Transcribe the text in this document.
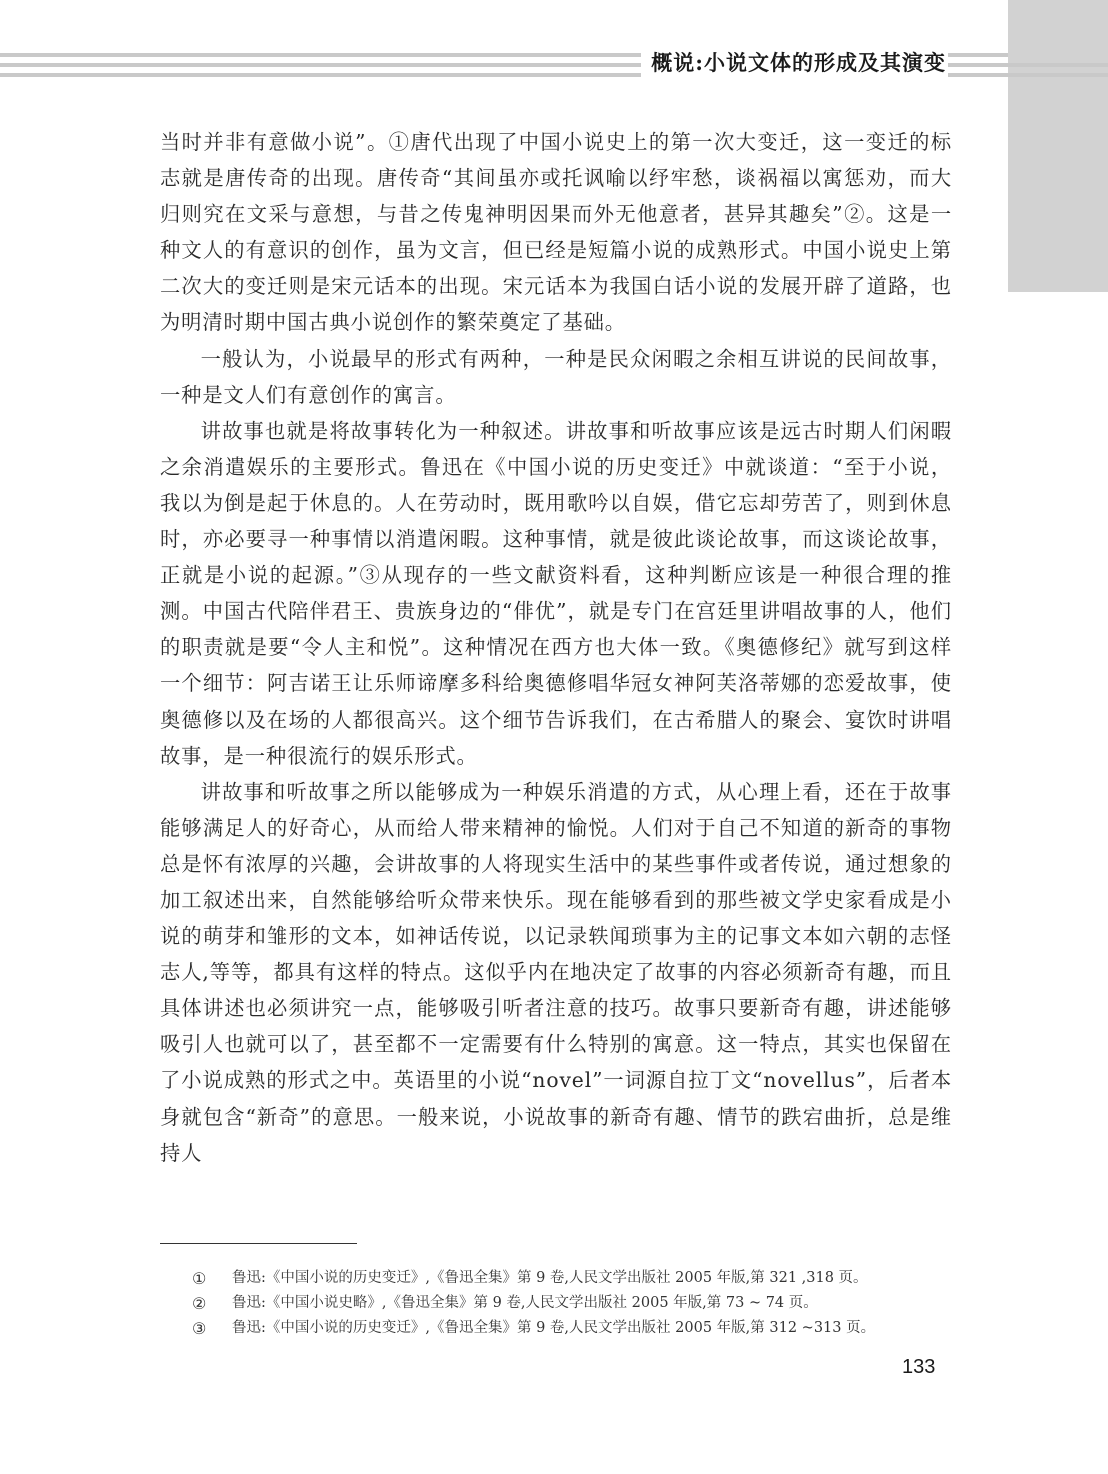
概说:小说文体的形成及其演变

当时并非有意做小说”。①唐代出现了中国小说史上的第一次大变迁，这一变迁的标志就是唐传奇的出现。唐传奇“其间虽亦或托讽喻以纾牢愁，谈祸福以寓惩劝，而大归则究在文采与意想，与昔之传鬼神明因果而外无他意者，甚异其趣矣”②。这是一种文人的有意识的创作，虽为文言，但已经是短篇小说的成熟形式。中国小说史上第二次大的变迁则是宋元话本的出现。宋元话本为我国白话小说的发展开辟了道路，也为明清时期中国古典小说创作的繁荣奠定了基础。

一般认为，小说最早的形式有两种，一种是民众闲暇之余相互讲说的民间故事，一种是文人们有意创作的寓言。

讲故事也就是将故事转化为一种叙述。讲故事和听故事应该是远古时期人们闲暇之余消遣娱乐的主要形式。鲁迅在《中国小说的历史变迁》中就谈道：“至于小说，我以为倒是起于休息的。人在劳动时，既用歌吟以自娱，借它忘却劳苦了，则到休息时，亦必要寻一种事情以消遣闲暇。这种事情，就是彼此谈论故事，而这谈论故事，正就是小说的起源。”③从现存的一些文献资料看，这种判断应该是一种很合理的推测。中国古代陪伴君王、贵族身边的“俳优”，就是专门在宫廷里讲唱故事的人，他们的职责就是要“令人主和悦”。这种情况在西方也大体一致。《奥德修纪》就写到这样一个细节：阿吉诺王让乐师谛摩多科给奥德修唱华冠女神阿芙洛蒂娜的恋爱故事，使奥德修以及在场的人都很高兴。这个细节告诉我们，在古希腊人的聚会、宴饮时讲唱故事，是一种很流行的娱乐形式。

讲故事和听故事之所以能够成为一种娱乐消遣的方式，从心理上看，还在于故事能够满足人的好奇心，从而给人带来精神的愉悦。人们对于自己不知道的新奇的事物总是怀有浓厚的兴趣，会讲故事的人将现实生活中的某些事件或者传说，通过想象的加工叙述出来，自然能够给听众带来快乐。现在能够看到的那些被文学史家看成是小说的萌芽和雏形的文本，如神话传说，以记录轶闻琐事为主的记事文本如六朝的志怪志人,等等，都具有这样的特点。这似乎内在地决定了故事的内容必须新奇有趣，而且具体讲述也必须讲究一点，能够吸引听者注意的技巧。故事只要新奇有趣，讲述能够吸引人也就可以了，甚至都不一定需要有什么特别的寓意。这一特点，其实也保留在了小说成熟的形式之中。英语里的小说“novel”一词源自拉丁文“novellus”，后者本身就包含“新奇”的意思。一般来说，小说故事的新奇有趣、情节的跌宕曲折，总是维持人

①	鲁迅:《中国小说的历史变迁》,《鲁迅全集》第 9 卷,人民文学出版社 2005 年版,第 321 ,318 页。
②	鲁迅:《中国小说史略》,《鲁迅全集》第 9 卷,人民文学出版社 2005 年版,第 73 ~ 74 页。
③	鲁迅:《中国小说的历史变迁》,《鲁迅全集》第 9 卷,人民文学出版社 2005 年版,第 312 ~313 页。

133
